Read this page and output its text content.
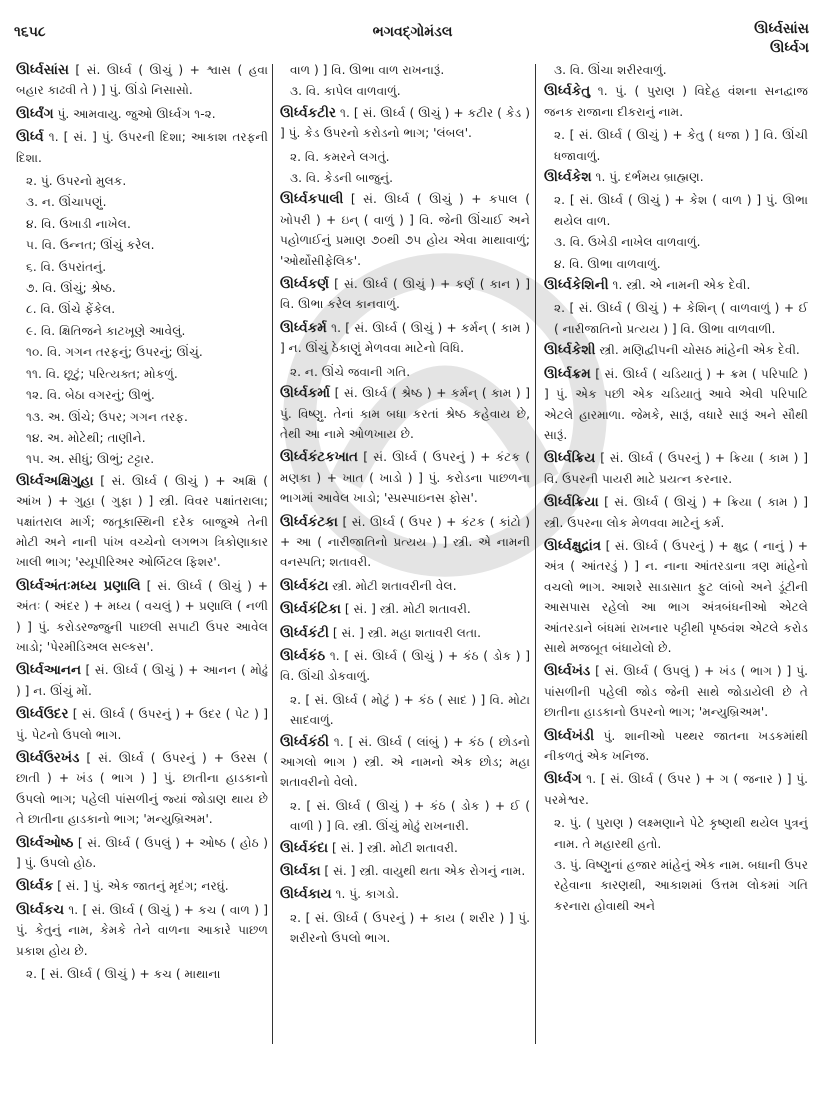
૧૬૫૮	ભગવદ્ગોમંડલ	ઊર્ધ્વસાંસ
ઊર્ધ્વગ
ઊર્ધ્વસાંસ [ સં. ઊર્ધ્વ ( ઊચું ) + શ્વાસ ( હવા બહાર કાઢવી તે ) ] પું. ઊંડો નિસાસો.
ઊર્ધ્વંગ પું. આમવાયુ. જુઓ ઊર્ધ્વગ ૧-૨.
ઊર્ધ્વ ૧. [ સં. ] પું. ઉપરની દિશા; આકાશ તરફની દિશા.
૨. પું. ઉપરનો મુલક.
૩. ન. ઊંચાપણું.
૪. વિ. ઉખાડી નાખેલ.
૫. વિ. ઉન્નત; ઊંચું કરેલ.
૬. વિ. ઉપરાંતનું.
૭. વિ. ઊંચું; શ્રેષ્ઠ.
૮. વિ. ઊંચે ફેંકેલ.
૯. વિ. ક્ષિતિજને કાટખૂણે આવેલું.
૧૦. વિ. ગગન તરફનું; ઉપરનું; ઊંચું.
૧૧. વિ. છૂટું; પરિત્યક્ત; મોકળું.
૧૨. વિ. બેઠા વગરનું; ઊભું.
૧૩. અ. ઊંચે; ઉપર; ગગન તરફ.
૧૪. અ. મોટેથી; તાણીને.
૧૫. અ. સીધું; ઊભું; ટટ્ટાર.
ઊર્ધ્વઅક્ષિગુહા [ સં. ઊર્ધ્વ ( ઊચું ) + અક્ષિ ( આંખ ) + ગુહા ( ગુફા ) ] સ્ત્રી. વિવર પક્ષાંતરાલા; પક્ષાંતરાલ માર્ગ; જતૂકાસ્થિની દરેક બાજુએ તેની મોટી અને નાની પાંખ વચ્ચેનો લગભગ ત્રિકોણાકાર ખાલી ભાગ; 'સ્યૂપીરિઅર ઓર્બિટલ ફિશર'.
ઊર્ધ્વઅંતઃમધ્ય પ્રણાલિ [ સં. ઊર્ધ્વ ( ઊચું ) + અંતઃ ( અંદર ) + મધ્ય ( વચલું ) + પ્રણાલિ ( નળી ) ] પું. કરોડરજ્જુની પાછલી સપાટી ઉપર આવેલ ખાડો; 'પેરમીડિઅલ સલ્કસ'.
ઊર્ધ્વઆનન [ સં. ઊર્ધ્વ ( ઊચું ) + આનન ( મોઢું ) ] ન. ઊંચું મોં.
ઊર્ધ્વઉદર [ સં. ઊર્ધ્વ ( ઉપરનું ) + ઉદર ( પેટ ) ] પું. પેટનો ઉપલો ભાગ.
ઊર્ધ્વઉરખંડ [ સં. ઊર્ધ્વ ( ઉપરનું ) + ઉરસ ( છાતી ) + ખંડ ( ભાગ ) ] પું. છાતીના હાડકાનો ઉપલો ભાગ; પહેલી પાંસળીનું જ્યાં જોડાણ થાય છે તે છાતીના હાડકાનો ભાગ; 'મન્યુબ્રિઅમ'.
ઊર્ધ્વઓષ્ઠ [ સં. ઊર્ધ્વ ( ઉપલું ) + ઓષ્ઠ ( હોઠ ) ] પું. ઉપલો હોઠ.
ઊર્ધ્વક [ સં. ] પું. એક જાતનું મૃદંગ; નરઘું.
ઊર્ધ્વકચ ૧. [ સં. ઊર્ધ્વ ( ઊચું ) + કચ ( વાળ ) ] પું. કેતુનું નામ, કેમકે તેને વાળના આકારે પાછળ પ્રકાશ હોય છે.
૨. [ સં. ઊર્ધ્વ ( ઊચું ) + કચ ( માથાના
વાળ ) ] વિ. ઊભા વાળ રાખનારૂં.
૩. વિ. કાપેલ વાળવાળું.
ઊર્ધ્વકટીર ૧. [ સં. ઊર્ધ્વ ( ઊચું ) + કટીર ( કેડ ) ] પું. કેડ ઉપરનો કરોડનો ભાગ; 'લંબલ'.
૨. વિ. કમરને લગતું.
૩. વિ. કેડની બાજુનું.
ઊર્ધ્વકપાલી [ સં. ઊર્ધ્વ ( ઊચું ) + કપાલ ( ખોપરી ) + ઇન્ ( વાળું ) ] વિ. જેની ઊંચાઈ અને પહોળાઈનું પ્રમાણ ૭૦થી ૭૫ હોય એવા માથાવાળું; 'ઓર્થોસીફેલિક'.
ઊર્ધ્વકર્ણ [ સં. ઊર્ધ્વ ( ઊચું ) + કર્ણ ( કાન ) ] વિ. ઊભા કરેલ કાનવાળું.
ઊર્ધ્વકર્મ ૧. [ સં. ઊર્ધ્વ ( ઊચું ) + કર્મન્ ( કામ ) ] ન. ઊંચું ઠેકાણું મેળવવા માટેનો વિધિ.
૨. ન. ઊંચે જવાની ગતિ.
ઊર્ધ્વકર્મા [ સં. ઊર્ધ્વ ( શ્રેષ્ઠ ) + કર્મન્ ( કામ ) ] પું. વિષ્ણુ. તેનાં કામ બધા કરતાં શ્રેષ્ઠ કહેવાય છે, તેથી આ નામે ઓળખાય છે.
ઊર્ધ્વકંટકખાત [ સં. ઊર્ધ્વ ( ઉપરનું ) + કંટક ( મણકા ) + ખાત ( ખાડો ) ] પું. કરોડના પાછળના ભાગમાં આવેલ ખાડો; 'સ્પ્રસ્પાઇનસ ફોસ'.
ઊર્ધ્વકંટકા [ સં. ઊર્ધ્વ ( ઉપર ) + કંટક ( કાંટો ) + આ ( નારીજાતિનો પ્રત્યય ) ] સ્ત્રી. એ નામની વનસ્પતિ; શતાવરી.
ઊર્ધ્વકંટા સ્ત્રી. મોટી શતાવરીની વેલ.
ઊર્ધ્વકંટિકા [ સં. ] સ્ત્રી. મોટી શતાવરી.
ઊર્ધ્વકંટી [ સં. ] સ્ત્રી. મહા શતાવરી લતા.
ઊર્ધ્વકંઠ ૧. [ સં. ઊર્ધ્વ ( ઊચું ) + કંઠ ( ડોક ) ] વિ. ઊંચી ડોકવાળું.
૨. [ સં. ઊર્ધ્વ ( મોટું ) + કંઠ ( સાદ ) ] વિ. મોટા સાદવાળું.
ઊર્ધ્વકંઠી ૧. [ સં. ઊર્ધ્વ ( લાંબું ) + કંઠ ( છોડનો આગલો ભાગ ) સ્ત્રી. એ નામનો એક છોડ; મહા શતાવરીનો વેલો.
૨. [ સં. ઊર્ધ્વ ( ઊચું ) + કંઠ ( ડોક ) + ઈ ( વાળી ) ] વિ. સ્ત્રી. ઊંચું મોઢું રાખનારી.
ઊર્ધ્વકંદા [ સં. ] સ્ત્રી. મોટી શતાવરી.
ઊર્ધ્વકા [ સં. ] સ્ત્રી. વાયુથી થતા એક રોગનું નામ.
ઊર્ધ્વકાય ૧. પું. કાગડો.
૨. [ સં. ઊર્ધ્વ ( ઉપરનું ) + કાય ( શરીર ) ] પું. શરીરનો ઉપલો ભાગ.
૩. વિ. ઊંચા શરીરવાળું.
ઊર્ધ્વકેતુ ૧. પું. ( પુરાણ ) વિદેહ વંશના સનદ્વાજ જનક રાજાના દીકરાનું નામ.
૨. [ સં. ઊર્ધ્વ ( ઊચું ) + કેતુ ( ધજા ) ] વિ. ઊંચી ધજાવાળું.
ઊર્ધ્વકેશ ૧. પું. દર્ભમય બ્રાહ્મણ.
૨. [ સં. ઊર્ધ્વ ( ઊચું ) + કેશ ( વાળ ) ] પું. ઊભા થયેલ વાળ.
૩. વિ. ઉખેડી નાખેલ વાળવાળું.
૪. વિ. ઊભા વાળવાળું.
ઊર્ધ્વકેશિની ૧. સ્ત્રી. એ નામની એક દેવી.
૨. [ સં. ઊર્ધ્વ ( ઊચું ) + કેશિન્ ( વાળવાળું ) + ઈ ( નારીજાતિનો પ્રત્યય ) ] વિ. ઊભા વાળવાળી.
ઊર્ધ્વકેશી સ્ત્રી. મણિદ્વીપની ચોસઠ માંહેની એક દેવી.
ઊર્ધ્વક્રમ [ સં. ઊર્ધ્વ ( ચડિયાતું ) + ક્રમ ( પરિપાટિ ) ] પું. એક પછી એક ચડિયાતું આવે એવી પરિપાટિ એટલે હારમાળા. જેમકે, સારૂં, વધારે સારૂં અને સૌથી સારૂં.
ઊર્ધ્વક્રિય [ સં. ઊર્ધ્વ ( ઉપરનું ) + ક્રિયા ( કામ ) ] વિ. ઉપરની પાયરી માટે પ્રયત્ન કરનાર.
ઊર્ધ્વક્રિયા [ સં. ઊર્ધ્વ ( ઊચું ) + ક્રિયા ( કામ ) ] સ્ત્રી. ઉપરના લોક મેળવવા માટેનું કર્મ.
ઊર્ધ્વક્ષુદ્રાંત્ર [ સં. ઊર્ધ્વ ( ઉપરનું ) + ક્ષુદ્ર ( નાનું ) + અંત્ર ( આંતરડું ) ] ન. નાના આંતરડાના ત્રણ માંહેનો વચલો ભાગ. આશરે સાડાસાત ફુટ લાંબો અને ડૂંટીની આસપાસ રહેલો આ ભાગ અંત્રબંધનીઓ એટલે આંતરડાને બંધમાં રાખનાર પટ્ટીથી પૃષ્ઠવંશ એટલે કરોડ સાથે મજબૂત બંધાયેલો છે.
ઊર્ધ્વખંડ [ સં. ઊર્ધ્વ ( ઉપલું ) + ખંડ ( ભાગ ) ] પું. પાંસળીની પહેલી જોડ જેની સાથે જોડાયેલી છે તે છાતીના હાડકાનો ઉપરનો ભાગ; 'મન્યુબ્રિઅમ'.
ઊર્ધ્વખંડી પું. શાનીઓ પથ્થર જાતના ખડકમાંથી નીકળતું એક ખનિજ.
ઊર્ધ્વગ ૧. [ સં. ઊર્ધ્વ ( ઉપર ) + ગ ( જનાર ) ] પું. પરમેશ્વર.
૨. પું. ( પુરાણ ) લક્ષ્મણાને પેટે કૃષ્ણથી થયેલ પુત્રનું નામ. તે મહારથી હતો.
૩. પું. વિષ્ણુનાં હજાર માંહેનું એક નામ. બધાની ઉપર રહેવાના કારણથી, આકાશમાં ઉત્તમ લોકમાં ગતિ કરનારા હોવાથી અને
